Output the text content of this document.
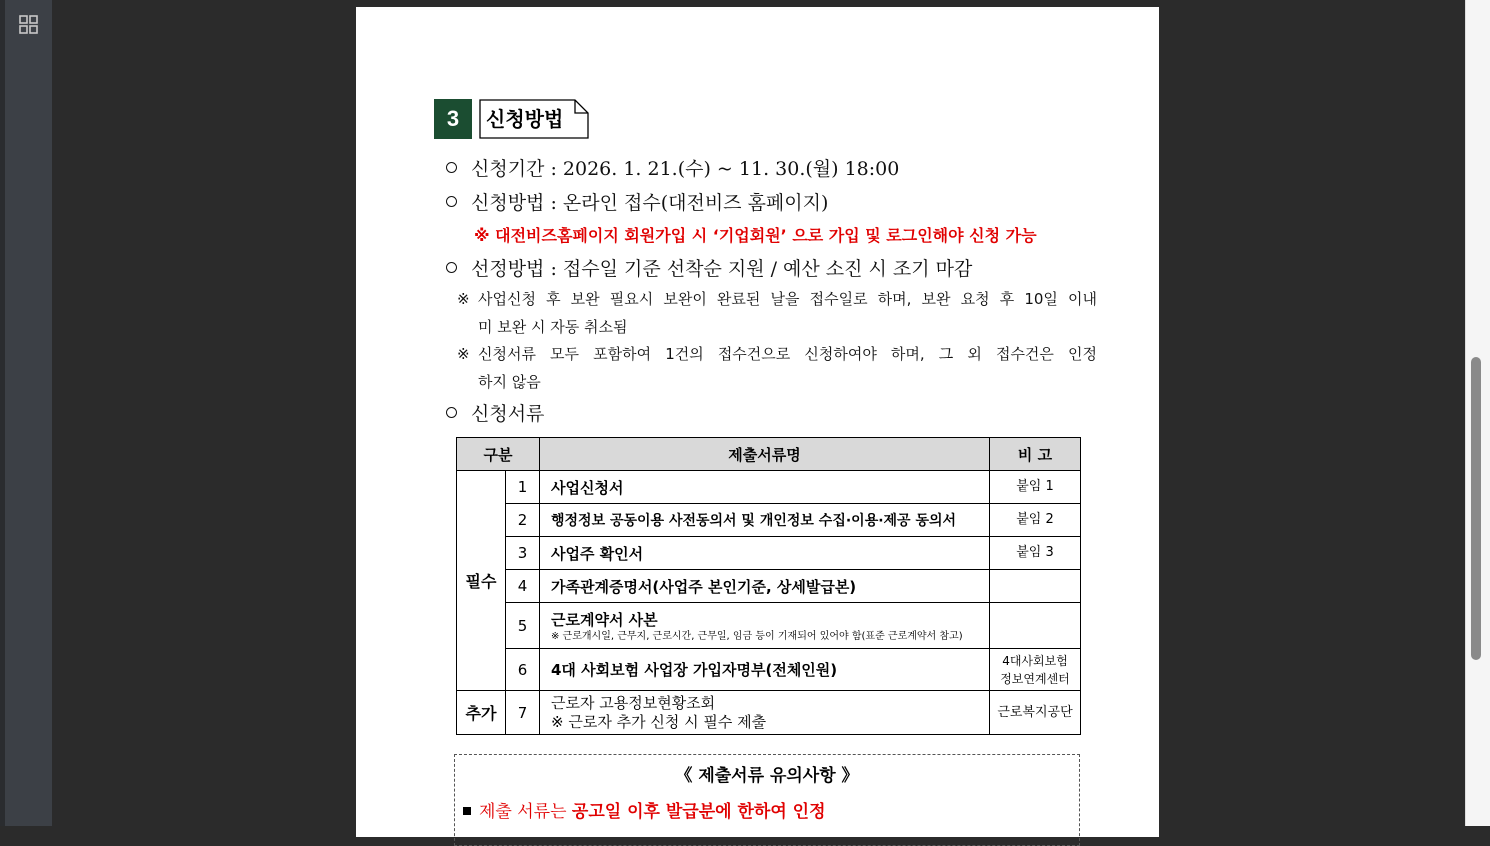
3	신청방법
신청기간 : 2026. 1. 21.(수) ~ 11. 30.(월) 18:00
신청방법 : 온라인 접수(대전비즈 홈페이지)
※ 대전비즈홈페이지 회원가입 시 ‘기업회원’ 으로 가입 및 로그인해야 신청 가능
선정방법 : 접수일 기준 선착순 지원 / 예산 소진 시 조기 마감
※ 사업신청 후 보완 필요시 보완이 완료된 날을 접수일로 하며, 보완 요청 후 10일 이내
미 보완 시 자동 취소됨
※ 신청서류 모두 포함하여 1건의 접수건으로 신청하여야 하며, 그 외 접수건은 인정
하지 않음
신청서류
구분		제출서류명	비 고
필수	1	사업신청서	붙임 1
	2	행정정보 공동이용 사전동의서 및 개인정보 수집·이용·제공 동의서	붙임 2
	3	사업주 확인서	붙임 3
	4	가족관계증명서(사업주 본인기준, 상세발급본)	
	5	근로계약서 사본
※ 근로개시일, 근무지, 근로시간, 근무일, 임금 등이 기재되어 있어야 함(표준 근로계약서 참고)	

	6	4대 사회보험 사업장 가입자명부(전체인원)	4대사회보험
정보연계센터

추가	7	근로자 고용정보현황조회
※ 근로자 추가 신청 시 필수 제출	근로복지공단
《 제출서류 유의사항 》
제출 서류는 공고일 이후 발급분에 한하여 인정
